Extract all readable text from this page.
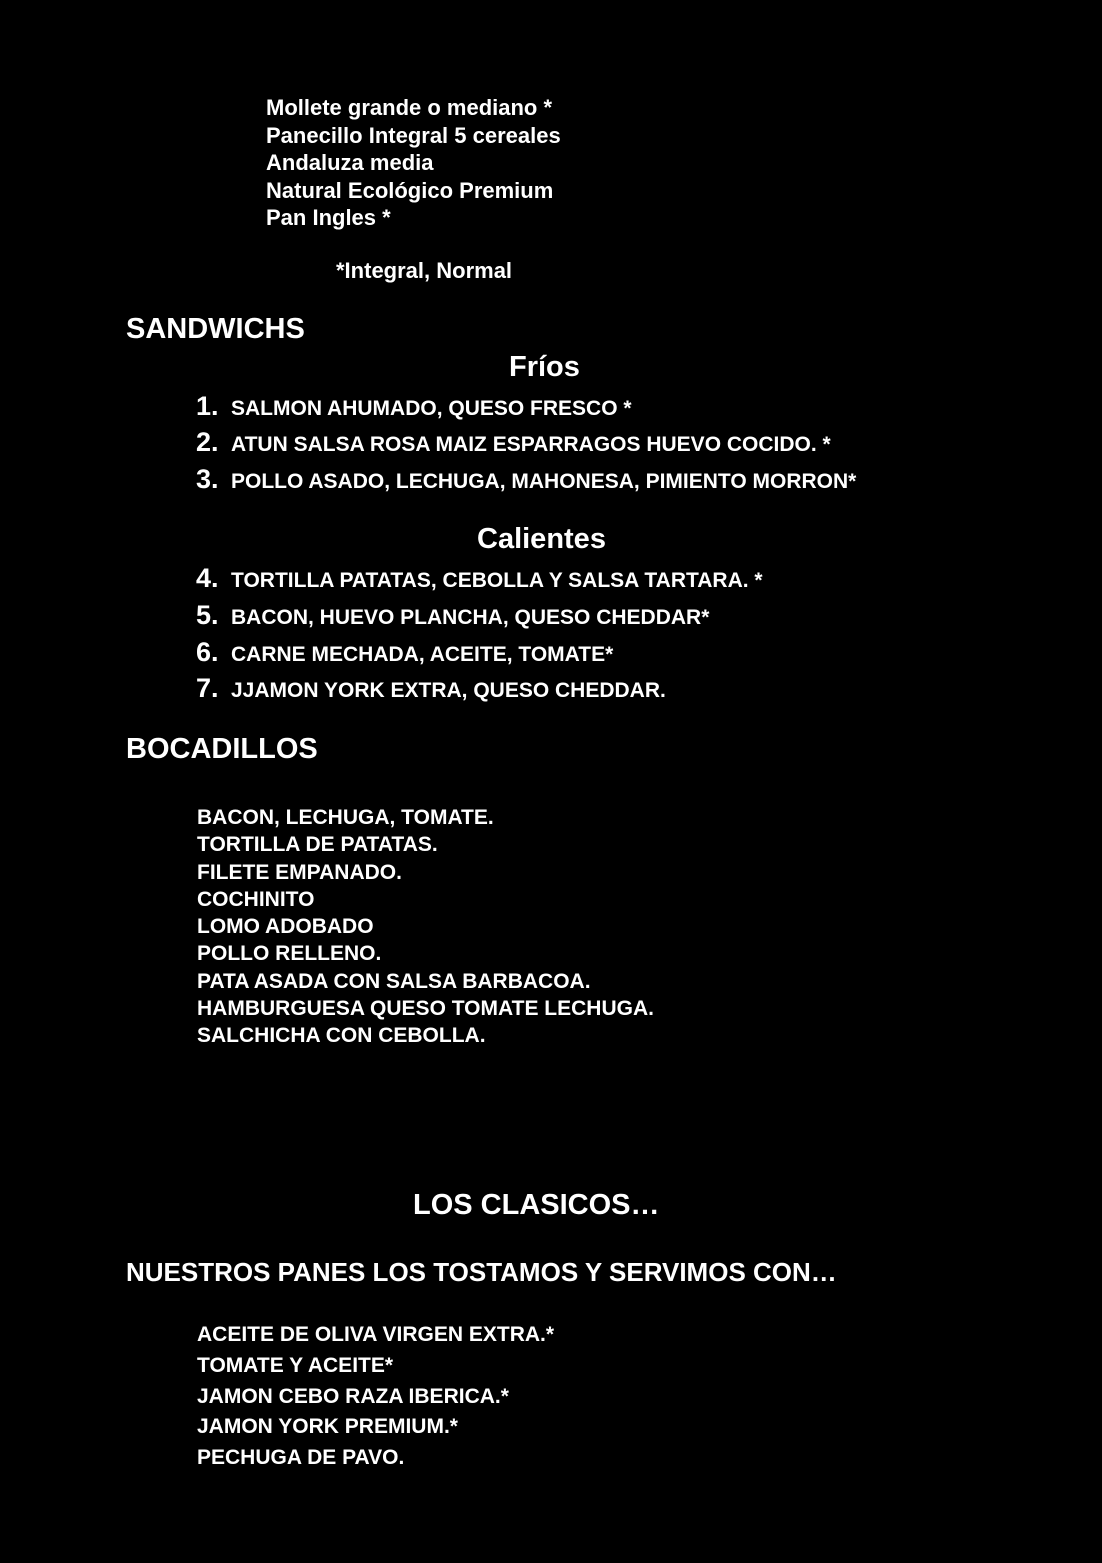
Mollete grande o mediano *
Panecillo Integral 5 cereales
Andaluza media
Natural Ecológico Premium
Pan Ingles *
*Integral, Normal
SANDWICHS
Fríos
1. SALMON AHUMADO, QUESO FRESCO *
2. ATUN SALSA ROSA MAIZ ESPARRAGOS HUEVO COCIDO. *
3. POLLO ASADO, LECHUGA, MAHONESA, PIMIENTO MORRON*
Calientes
4. TORTILLA PATATAS, CEBOLLA Y SALSA TARTARA. *
5. BACON, HUEVO PLANCHA, QUESO CHEDDAR*
6. CARNE MECHADA, ACEITE, TOMATE*
7. JJAMON YORK EXTRA, QUESO CHEDDAR.
BOCADILLOS
BACON, LECHUGA, TOMATE.
TORTILLA DE PATATAS.
FILETE EMPANADO.
COCHINITO
LOMO ADOBADO
POLLO RELLENO.
PATA ASADA CON SALSA BARBACOA.
HAMBURGUESA QUESO TOMATE LECHUGA.
SALCHICHA CON CEBOLLA.
LOS CLASICOS…
NUESTROS PANES LOS TOSTAMOS Y SERVIMOS CON…
ACEITE DE OLIVA VIRGEN EXTRA.*
TOMATE Y ACEITE*
JAMON CEBO RAZA IBERICA.*
JAMON YORK PREMIUM.*
PECHUGA DE PAVO.
